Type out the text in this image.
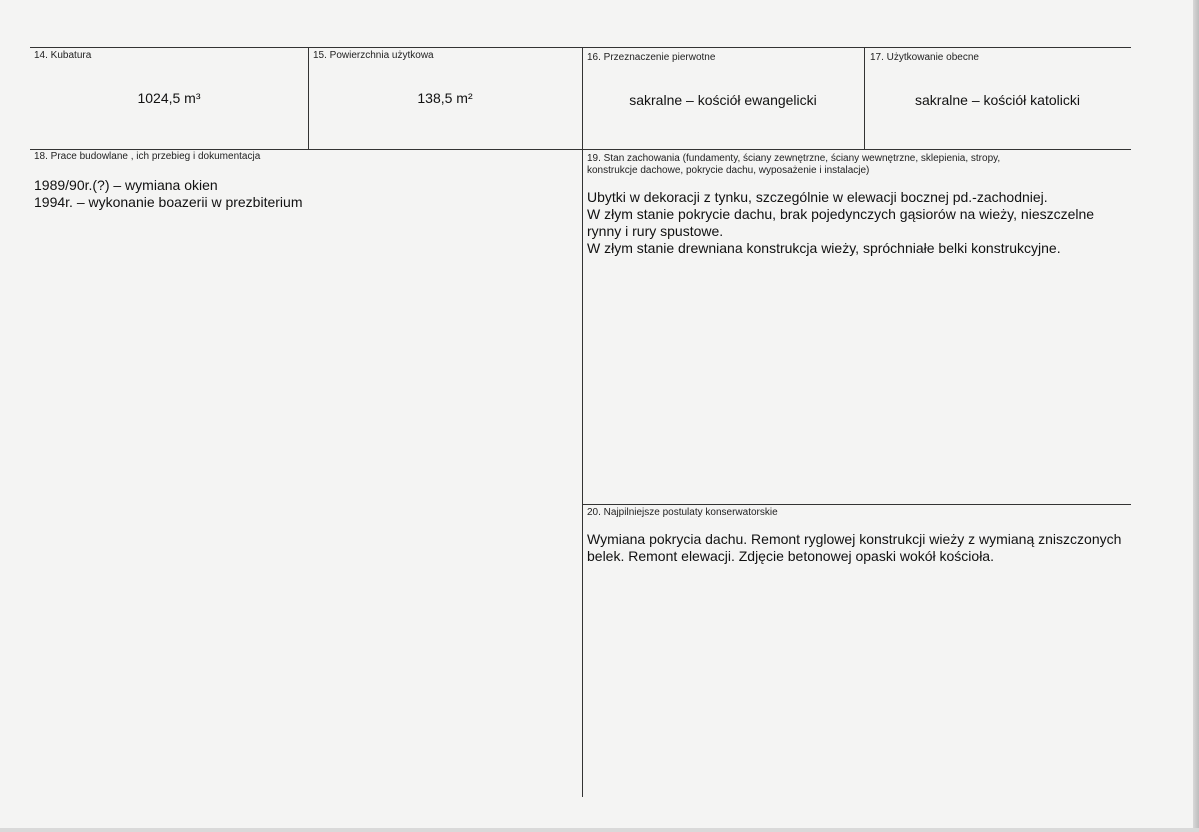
14. Kubatura
1024,5 m³
15. Powierzchnia użytkowa
138,5 m²
16. Przeznaczenie pierwotne
sakralne – kościół ewangelicki
17. Użytkowanie obecne
sakralne – kościół katolicki
18. Prace budowlane , ich przebieg i dokumentacja
1989/90r.(?) – wymiana okien
1994r. – wykonanie boazerii w prezbiterium
19. Stan zachowania (fundamenty, ściany zewnętrzne, ściany wewnętrzne, sklepienia, stropy,
konstrukcje dachowe, pokrycie dachu, wyposażenie i instalacje)
Ubytki w dekoracji z tynku, szczególnie w elewacji bocznej pd.-zachodniej.
W złym stanie pokrycie dachu, brak pojedynczych gąsiorów na wieży, nieszczelne
rynny i rury spustowe.
W złym stanie drewniana konstrukcja wieży, spróchniałe belki konstrukcyjne.
20. Najpilniejsze postulaty konserwatorskie
Wymiana pokrycia dachu. Remont ryglowej konstrukcji wieży z wymianą zniszczonych
belek. Remont elewacji. Zdjęcie betonowej opaski wokół kościoła.
